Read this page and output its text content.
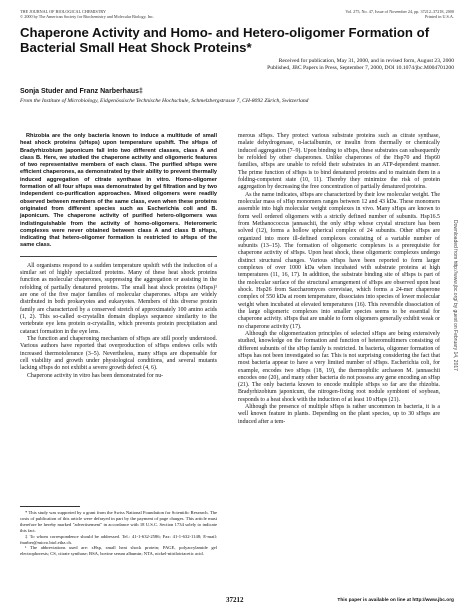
THE JOURNAL OF BIOLOGICAL CHEMISTRY
© 2000 by The American Society for Biochemistry and Molecular Biology, Inc.
Vol. 275, No. 47, Issue of November 24, pp. 37212–37218, 2000
Printed in U.S.A.
Chaperone Activity and Homo- and Hetero-oligomer Formation of Bacterial Small Heat Shock Proteins*
Received for publication, May 31, 2000, and in revised form, August 23, 2000
Published, JBC Papers in Press, September 7, 2000, DOI 10.1074/jbc.M004701200
Sonja Studer and Franz Narberhaus‡
From the Institute of Microbiology, Eidgenössische Technische Hochschule, Schmelzbergstrasse 7, CH-8092 Zürich, Switzerland

Rhizobia are the only bacteria known to induce a multitude of small heat shock proteins (sHsps) upon temperature upshift. The sHsps of Bradyrhizobium japonicum fall into two different classes, class A and class B. Here, we studied the chaperone activity and oligomeric features of two representative members of each class. The purified sHsps were efficient chaperones, as demonstrated by their ability to prevent thermally induced aggregation of citrate synthase in vitro. Homo-oligomer formation of all four sHsps was demonstrated by gel filtration and by two independent co-purification approaches. Mixed oligomers were readily observed between members of the same class, even when these proteins originated from different species such as Escherichia coli and B. japonicum. The chaperone activity of purified hetero-oligomers was indistinguishable from the activity of homo-oligomers. Heteromeric complexes were never obtained between class A and class B sHsps, indicating that hetero-oligomer formation is restricted to sHsps of the same class.

All organisms respond to a sudden temperature upshift with the induction of a similar set of highly specialized proteins. Many of these heat shock proteins function as molecular chaperones, suppressing the aggregation or assisting in the refolding of partially denatured proteins. The small heat shock proteins (sHsps)¹ are one of the five major families of molecular chaperones. sHsps are widely distributed in both prokaryotes and eukaryotes. Members of this diverse protein family are characterized by a conserved stretch of approximately 100 amino acids (1, 2). This so-called α-crystallin domain displays sequence similarity to the vertebrate eye lens protein α-crystallin, which prevents protein precipitation and cataract formation in the eye lens.

The function and chaperoning mechanism of sHsps are still poorly understood. Various authors have reported that overproduction of sHsps endows cells with increased thermotolerance (3–5). Nevertheless, many sHsps are dispensable for cell viability and growth under physiological conditions, and several mutants lacking sHsps do not exhibit a severe growth defect (4, 6).

Chaperone activity in vitro has been demonstrated for nu-

* This study was supported by a grant from the Swiss National Foundation for Scientific Research. The costs of publication of this article were defrayed in part by the payment of page charges. This article must therefore be hereby marked "advertisement" in accordance with 18 U.S.C. Section 1734 solely to indicate this fact.

‡ To whom correspondence should be addressed. Tel.: 41-1-632-2586; Fax: 41-1-632-1148; E-mail: fnarber@micro.biol.ethz.ch.

¹ The abbreviations used are: sHsp, small heat shock protein; PAGE, polyacrylamide gel electrophoresis; CS, citrate synthase; BSA, bovine serum albumin; NTA, nickel-nitrilotriacetic acid.

merous sHsps. They protect various substrate proteins such as citrate synthase, malate dehydrogenase, α-lactalbumin, or insulin from thermally or chemically induced aggregation (7–9). Upon binding to sHsps, these substrates can subsequently be refolded by other chaperones. Unlike chaperones of the Hsp70 and Hsp60 families, sHsps are unable to refold their substrates in an ATP-dependent manner. The prime function of sHsps is to bind denatured proteins and to maintain them in a folding-competent state (10, 11). Thereby they minimize the risk of protein aggregation by decreasing the free concentration of partially denatured proteins.

As the name indicates, sHsps are characterized by their low molecular weight. The molecular mass of sHsp monomers ranges between 12 and 43 kDa. These monomers assemble into high molecular weight complexes in vivo. Many sHsps are known to form well ordered oligomers with a strictly defined number of subunits. Hsp16.5 from Methanococcus jannaschii, the only sHsp whose crystal structure has been solved (12), forms a hollow spherical complex of 24 subunits. Other sHsps are organized into more ill-defined complexes consisting of a variable number of subunits (13–15). The formation of oligomeric complexes is a prerequisite for chaperone activity of sHsps. Upon heat shock, these oligomeric complexes undergo distinct structural changes. Various sHsps have been reported to form larger complexes of over 1000 kDa when incubated with substrate proteins at high temperatures (11, 16, 17). In addition, the substrate binding site of sHsps is part of the molecular surface of the structural arrangement of sHsps are observed upon heat shock. Hsp26 from Saccharomyces cerevisiae, which forms a 24-mer chaperone complex of 550 kDa at room temperature, dissociates into species of lower molecular weight when incubated at elevated temperatures (16). This reversible dissociation of the large oligomeric complexes into smaller species seems to be essential for chaperone activity. sHsps that are unable to form oligomers generally exhibit weak or no chaperone activity (17).

Although the oligomerization principles of selected sHsps are being extensively studied, knowledge on the formation and function of heteromultimers consisting of different subunits of the sHsp family is restricted. In bacteria, oligomer formation of sHsps has not been investigated so far. This is not surprising considering the fact that most bacteria appear to have a very limited number of sHsps. Escherichia coli, for example, encodes two sHsps (18, 19), the thermophilic archaeon M. jannaschii encodes one (20), and many other bacteria do not possess any gene encoding an sHsp (21). The only bacteria known to encode multiple sHsps so far are the rhizobia. Bradyrhizobium japonicum, the nitrogen-fixing root nodule symbiont of soybean, responds to a heat shock with the induction of at least 10 sHsps (21).

Although the presence of multiple sHsps is rather uncommon in bacteria, it is a well known feature in plants. Depending on the plant species, up to 30 sHsps are induced after a tem-

Downloaded from http://www.jbc.org/ by guest on February 14, 2017
37212	This paper is available on line at http://www.jbc.org
